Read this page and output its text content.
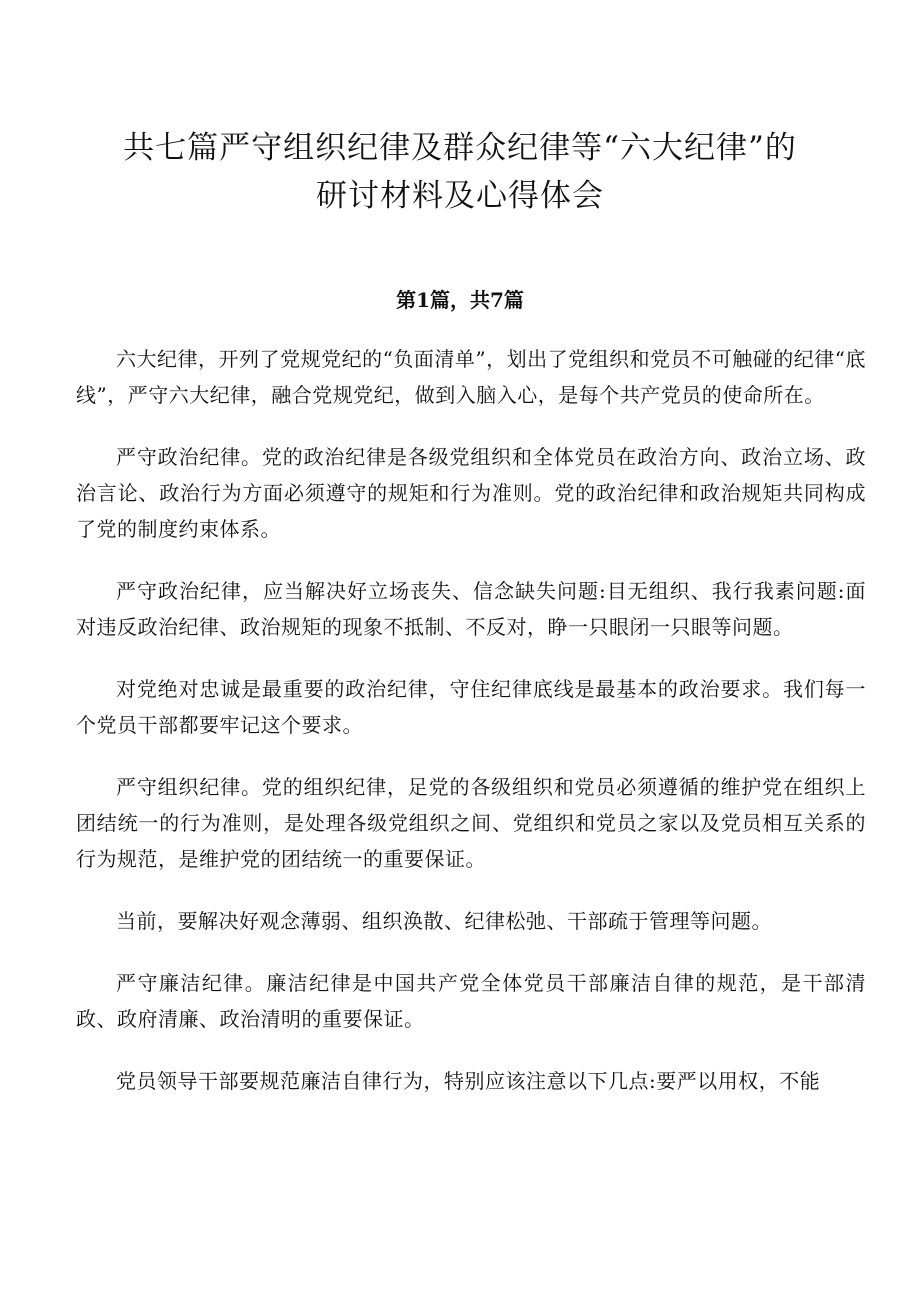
共七篇严守组织纪律及群众纪律等“六大纪律”的
研讨材料及心得体会
第1篇，共7篇

六大纪律，开列了党规党纪的“负面清单”，划出了党组织和党员不可触碰的纪律“底线”，严守六大纪律，融合党规党纪，做到入脑入心，是每个共产党员的使命所在。

严守政治纪律。党的政治纪律是各级党组织和全体党员在政治方向、政治立场、政治言论、政治行为方面必须遵守的规矩和行为准则。党的政治纪律和政治规矩共同构成了党的制度约束体系。

严守政治纪律，应当解决好立场丧失、信念缺失问题:目无组织、我行我素问题:面对违反政治纪律、政治规矩的现象不抵制、不反对，睁一只眼闭一只眼等问题。

对党绝对忠诚是最重要的政治纪律，守住纪律底线是最基本的政治要求。我们每一个党员干部都要牢记这个要求。

严守组织纪律。党的组织纪律，足党的各级组织和党员必须遵循的维护党在组织上团结统一的行为准则，是处理各级党组织之间、党组织和党员之家以及党员相互关系的行为规范，是维护党的团结统一的重要保证。

当前，要解决好观念薄弱、组织涣散、纪律松弛、干部疏于管理等问题。

严守廉洁纪律。廉洁纪律是中国共产党全体党员干部廉洁自律的规范，是干部清政、政府清廉、政治清明的重要保证。

党员领导干部要规范廉洁自律行为，特别应该注意以下几点:要严以用权，不能
